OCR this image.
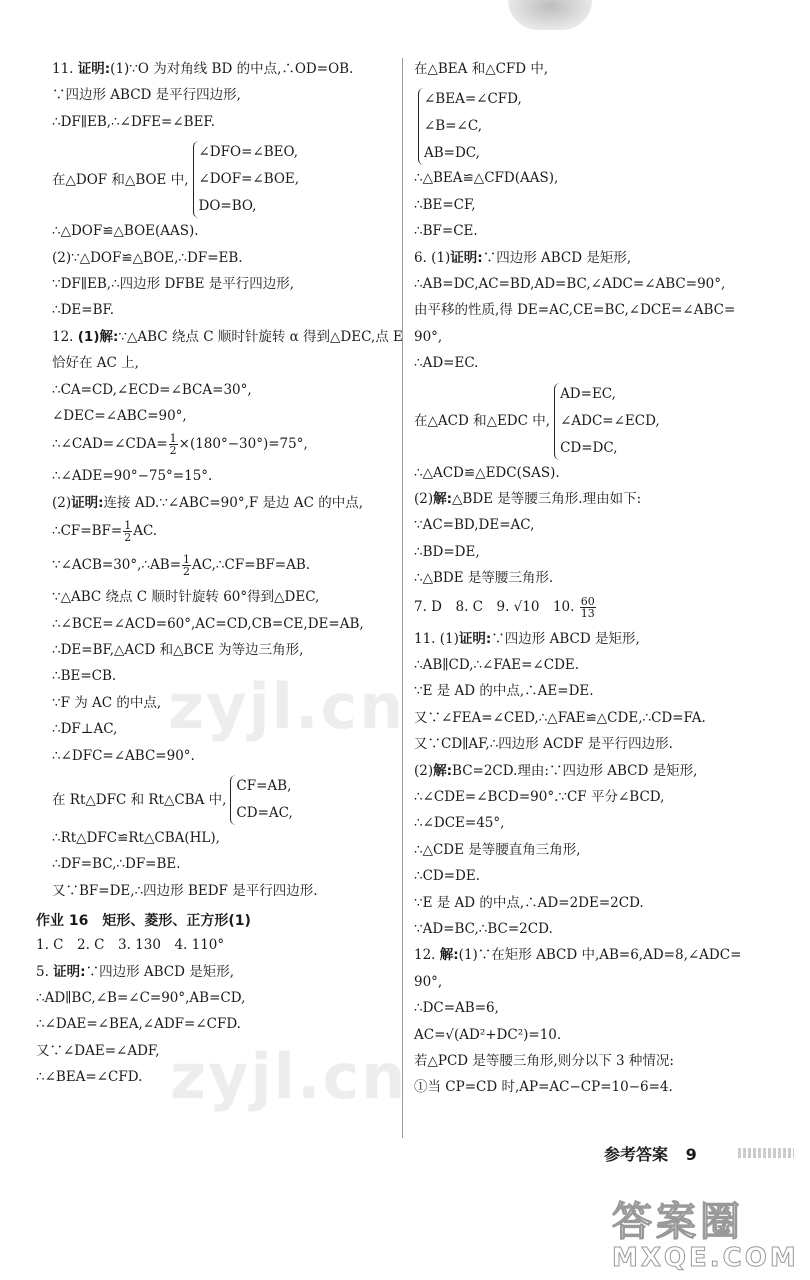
zyjl.cn
zyjl.cn
11. 证明:(1)∵O 为对角线 BD 的中点,∴OD=OB.
∵四边形 ABCD 是平行四边形,
∴DF∥EB,∴∠DFE=∠BEF.
在△DOF 和△BOE 中,
∠DFO=∠BEO,
∠DOF=∠BOE,
DO=BO,
∴△DOF≌△BOE(AAS).
(2)∵△DOF≌△BOE,∴DF=EB.
∵DF∥EB,∴四边形 DFBE 是平行四边形,
∴DE=BF.
12. (1)解:∵△ABC 绕点 C 顺时针旋转 α 得到△DEC,点 E
恰好在 AC 上,
∴CA=CD,∠ECD=∠BCA=30°,
∠DEC=∠ABC=90°,
∴∠CAD=∠CDA= $\frac{1}{2} \times(180^\circ-30^\circ)=75^\circ$,
∴∠ADE=90°−75°=15°.
(2)证明:连接 AD.∵∠ABC=90°,F 是边 AC 的中点,
∴CF=BF= $\frac{1}{2}$ AC.
∵∠ACB=30°,∴AB= $\frac{1}{2}$ AC,∴CF=BF=AB.
∵△ABC 绕点 C 顺时针旋转 60°得到△DEC,
∴∠BCE=∠ACD=60°,AC=CD,CB=CE,DE=AB,
∴DE=BF,△ACD 和△BCE 为等边三角形,
∴BE=CB.
∵F 为 AC 的中点,
∴DF⊥AC,
∴∠DFC=∠ABC=90°.
在 Rt△DFC 和 Rt△CBA 中,
CF=AB,
CD=AC,
∴Rt△DFC≌Rt△CBA(HL),
∴DF=BC,∴DF=BE.
又∵BF=DE,∴四边形 BEDF 是平行四边形.
作业 16　矩形、菱形、正方形(1)
1. C　2. C　3. 130　4. 110°
5. 证明:∵四边形 ABCD 是矩形,
∴AD∥BC,∠B=∠C=90°,AB=CD,
∴∠DAE=∠BEA,∠ADF=∠CFD.
又∵∠DAE=∠ADF,
∴∠BEA=∠CFD.
在△BEA 和△CFD 中,
∠BEA=∠CFD,
∠B=∠C,
AB=DC,
∴△BEA≌△CFD(AAS),
∴BE=CF,
∴BF=CE.
6. (1)证明:∵四边形 ABCD 是矩形,
∴AB=DC,AC=BD,AD=BC,∠ADC=∠ABC=90°,
由平移的性质,得 DE=AC,CE=BC,∠DCE=∠ABC=
90°,
∴AD=EC.
在△ACD 和△EDC 中,
AD=EC,
∠ADC=∠ECD,
CD=DC,
∴△ACD≌△EDC(SAS).
(2)解:△BDE 是等腰三角形.理由如下:
∵AC=BD,DE=AC,
∴BD=DE,
∴△BDE 是等腰三角形.
7. D　8. C　9. √10　10. $\frac{60}{13}$
11. (1)证明:∵四边形 ABCD 是矩形,
∴AB∥CD,∴∠FAE=∠CDE.
∵E 是 AD 的中点,∴AE=DE.
又∵∠FEA=∠CED,∴△FAE≌△CDE,∴CD=FA.
又∵CD∥AF,∴四边形 ACDF 是平行四边形.
(2)解:BC=2CD.理由:∵四边形 ABCD 是矩形,
∴∠CDE=∠BCD=90°.∵CF 平分∠BCD,
∴∠DCE=45°,
∴△CDE 是等腰直角三角形,
∴CD=DE.
∵E 是 AD 的中点,∴AD=2DE=2CD.
∵AD=BC,∴BC=2CD.
12. 解:(1)∵在矩形 ABCD 中,AB=6,AD=8,∠ADC=
90°,
∴DC=AB=6,
AC=√(AD²+DC²)=10.
若△PCD 是等腰三角形,则分以下 3 种情况:
①当 CP=CD 时,AP=AC−CP=10−6=4.
参考答案 9
答案圈
MXQE.COM
